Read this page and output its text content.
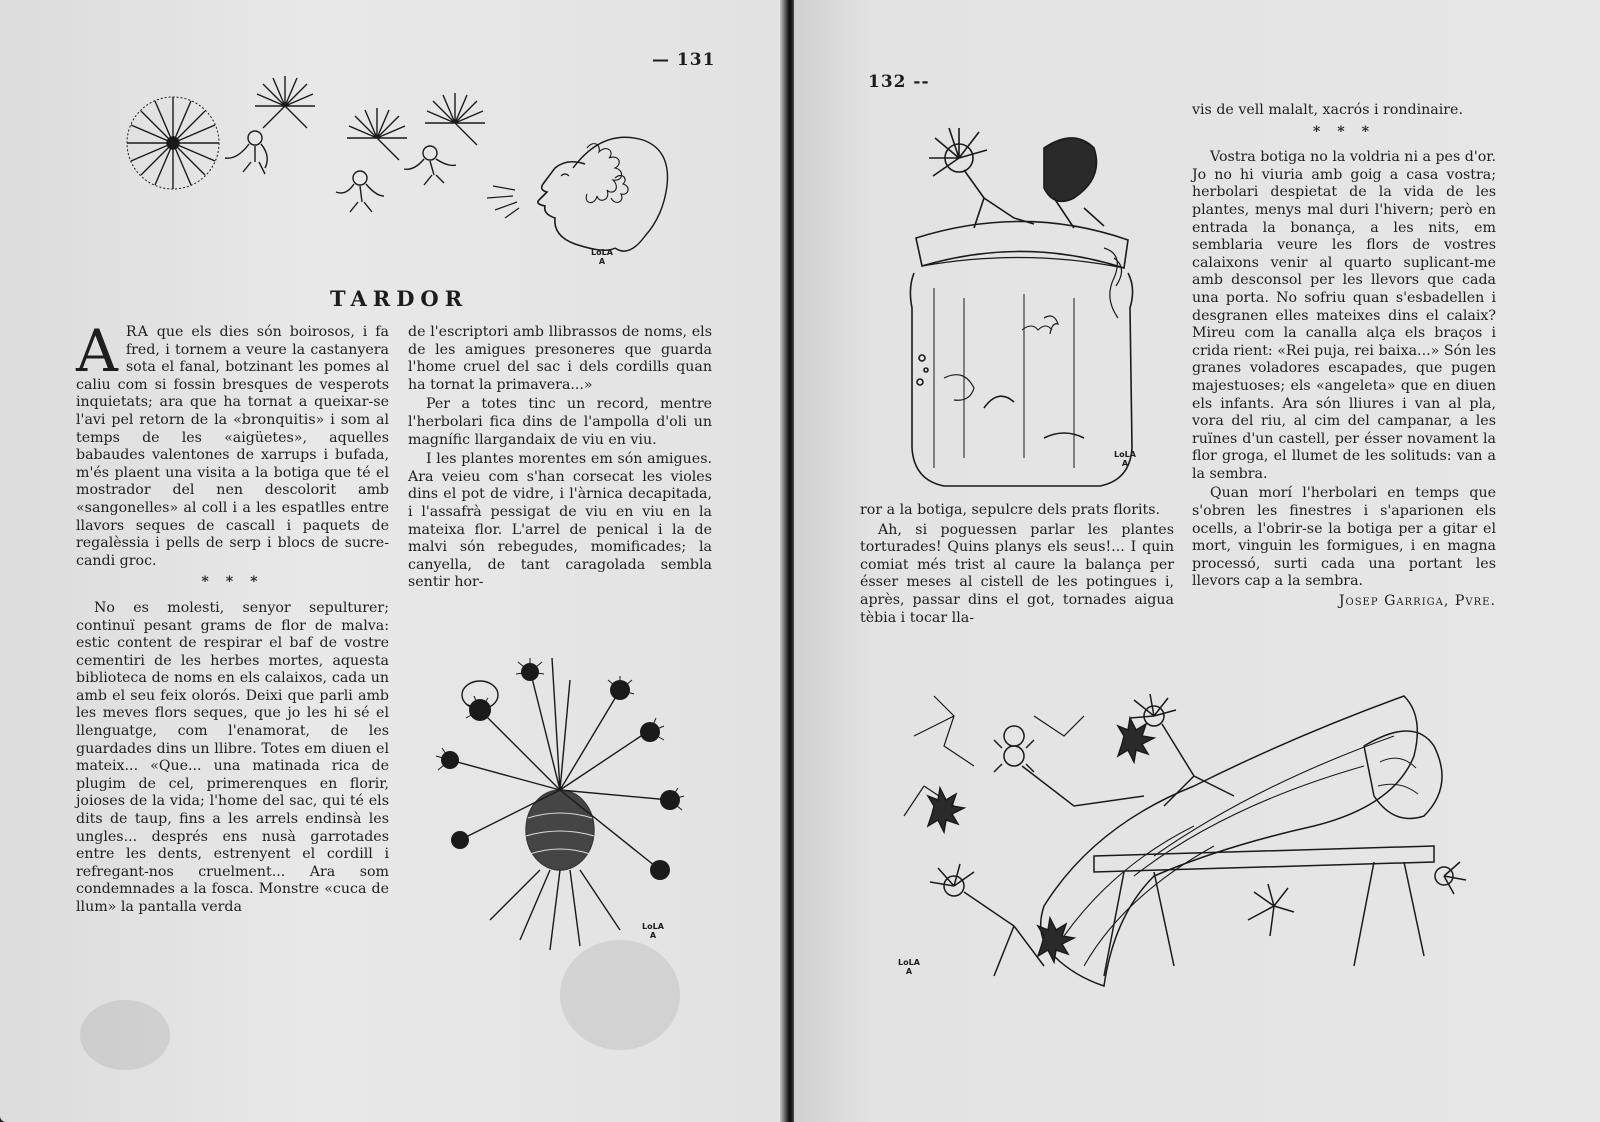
— 131
LoLA
A
TARDOR

ARA que els dies són boirosos, i fa fred, i tornem a veure la castanyera sota el fanal, botzinant les pomes al caliu com si fossin bresques de vesperots inquietats; ara que ha tornat a queixar-se l'avi pel retorn de la «bronquitis» i som al temps de les «aigüetes», aquelles babaudes valentones de xarrups i bufada, m'és plaent una visita a la botiga que té el mostrador del nen descolorit amb «sangonelles» al coll i a les espatlles entre llavors seques de cascall i paquets de regalèssia i pells de serp i blocs de sucre-candi groc.

* * *

No es molesti, senyor sepulturer; continuï pesant grams de flor de malva: estic content de respirar el baf de vostre cementiri de les herbes mortes, aquesta biblioteca de noms en els calaixos, cada un amb el seu feix olorós. Deixi que parli amb les meves flors seques, que jo les hi sé el llenguatge, com l'enamorat, de les guardades dins un llibre. Totes em diuen el mateix... «Que... una matinada rica de plugim de cel, primerenques en florir, joioses de la vida; l'home del sac, qui té els dits de taup, fins a les arrels endinsà les ungles... després ens nusà garrotades entre les dents, estrenyent el cordill i refregant-nos cruelment... Ara som condemnades a la fosca. Monstre «cuca de llum» la pantalla verda

de l'escriptori amb llibrassos de noms, els de les amigues presoneres que guarda l'home cruel del sac i dels cordills quan ha tornat la primavera...»

Per a totes tinc un record, mentre l'herbolari fica dins de l'ampolla d'oli un magnífic llargandaix de viu en viu.

I les plantes morentes em són amigues. Ara veieu com s'han corsecat les violes dins el pot de vidre, i l'àrnica decapitada, i l'assafrà pessigat de viu en viu en la mateixa flor. L'arrel de penical i la de malvi són rebegudes, momificades; la canyella, de tant caragolada sembla sentir hor-

LoLA
A
132 --
LoLA
A

ror a la botiga, sepulcre dels prats florits.

Ah, si poguessen parlar les plantes torturades! Quins planys els seus!... I quin comiat més trist al caure la balança per ésser meses al cistell de les potingues i, après, passar dins el got, tornades aigua tèbia i tocar lla-

vis de vell malalt, xacrós i rondinaire.

* * *

Vostra botiga no la voldria ni a pes d'or. Jo no hi viuria amb goig a casa vostra; herbolari despietat de la vida de les plantes, menys mal duri l'hivern; però en entrada la bonança, a les nits, em semblaria veure les flors de vostres calaixons venir al quarto suplicant-me amb desconsol per les llevors que cada una porta. No sofriu quan s'esbadellen i desgranen elles mateixes dins el calaix? Mireu com la canalla alça els braços i crida rient: «Rei puja, rei baixa...» Són les granes voladores escapades, que pugen majestuoses; els «angeleta» que en diuen els infants. Ara són lliures i van al pla, vora del riu, al cim del campanar, a les ruïnes d'un castell, per ésser novament la flor groga, el llumet de les solituds: van a la sembra.

Quan morí l'herbolari en temps que s'obren les finestres i s'aparionen els ocells, a l'obrir-se la botiga per a gitar el mort, vinguin les formigues, i en magna processó, surti cada una portant les llevors cap a la sembra.

Josep Garriga, Pvre.

LoLA
A
